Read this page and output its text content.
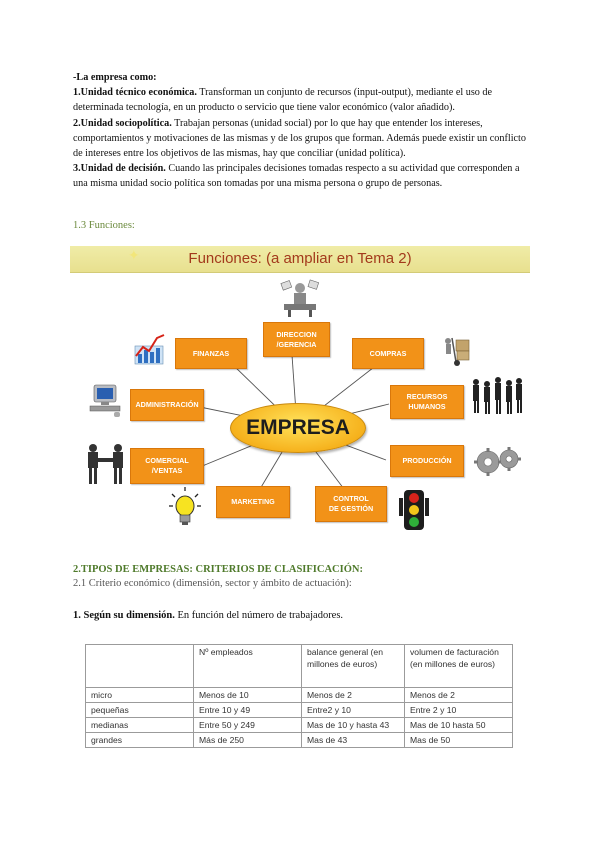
-La empresa como:

1.Unidad técnico económica. Transforman un conjunto de recursos (input-output), mediante el uso de determinada tecnología, en un producto o servicio que tiene valor económico (valor añadido).

2.Unidad sociopolítica. Trabajan personas (unidad social) por lo que hay que entender los intereses, comportamientos y motivaciones de las mismas y de los grupos que forman. Además puede existir un conflicto de intereses entre los objetivos de las mismas, hay que conciliar (unidad política).

3.Unidad de decisión. Cuando las principales decisiones tomadas respecto a su actividad que corresponden a una misma unidad socio política son tomadas por una misma persona o grupo de personas.

1.3 Funciones:
✦	Funciones: (a ampliar en Tema 2)
DIRECCION
/GERENCIA
FINANZAS	COMPRAS
ADMINISTRACIÓN
RECURSOS
HUMANOS
COMERCIAL
/VENTAS
PRODUCCIÓN
MARKETING	CONTROL
DE GESTIÓN
EMPRESA
2.TIPOS DE EMPRESAS: CRITERIOS DE CLASIFICACIÓN:
2.1 Criterio económico (dimensión, sector y ámbito de actuación):
1. Según su dimensión. En función del número de trabajadores.
	Nº empleados	balance general (en millones de euros)	volumen de facturación (en millones de euros)
micro	Menos de 10	Menos de 2	Menos de 2
pequeñas	Entre 10 y 49	Entre2 y 10	Entre 2 y 10
medianas	Entre 50 y 249	Mas de 10 y hasta 43	Mas de 10 hasta 50
grandes	Más de 250	Mas de 43	Mas de 50
